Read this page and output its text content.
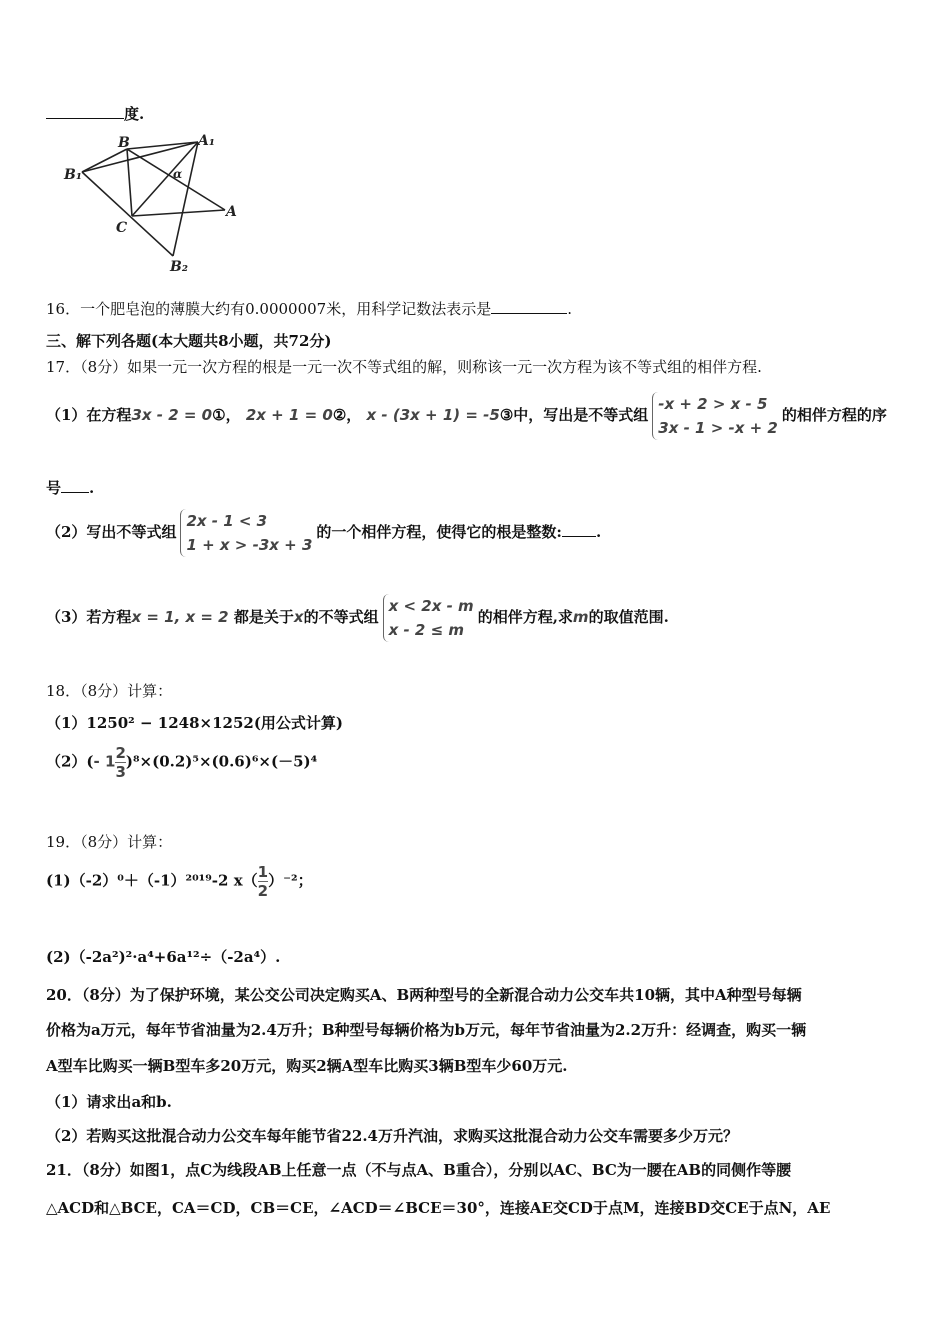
度.
B	A₁
B₁	α
C
A
B₂
16．一个肥皂泡的薄膜大约有0.0000007米，用科学记数法表示是	.
三、解下列各题(本大题共8小题，共72分)
17．（8分）如果一元一次方程的根是一元一次不等式组的解，则称该一元一次方程为该不等式组的相伴方程.
（1）在方程3x - 2 = 0①， 2x + 1 = 0②， x - (3x + 1) = -5③中，写出是不等式组
-x + 2 > x - 5
3x - 1 > -x + 2
的相伴方程的序
号 .
（2）写出不等式组
2x - 1 < 3
1 + x > -3x + 3
的一个相伴方程，使得它的根是整数: .
（3）若方程x = 1, x = 2 都是关于x的不等式组
x < 2x - m
x - 2 ≤ m
的相伴方程,求m的取值范围.
18．（8分）计算：
（1）1250² − 1248×1252(用公式计算)
（2）(- $1 \frac{2}{3} )^8\times(0.2)^5\times(0.6)^6\times(-5)^4$
19．（8分）计算：
(1)（-2）⁰＋（-1）²⁰¹⁹-2 $x( \frac{1}{2} )^{-2}$；
(2)（-2a²)²·a⁴+6a¹²÷（-2a⁴）.
20．（8分）为了保护环境，某公交公司决定购买A、B两种型号的全新混合动力公交车共10辆，其中A种型号每辆
价格为a万元，每年节省油量为2.4万升；B种型号每辆价格为b万元，每年节省油量为2.2万升：经调查，购买一辆
A型车比购买一辆B型车多20万元，购买2辆A型车比购买3辆B型车少60万元.
（1）请求出a和b.
（2）若购买这批混合动力公交车每年能节省22.4万升汽油，求购买这批混合动力公交车需要多少万元？
21．（8分）如图1，点C为线段AB上任意一点（不与点A、B重合），分别以AC、BC为一腰在AB的同侧作等腰
△ACD和△BCE，CA＝CD，CB＝CE，∠ACD＝∠BCE＝30°，连接AE交CD于点M，连接BD交CE于点N，AE
